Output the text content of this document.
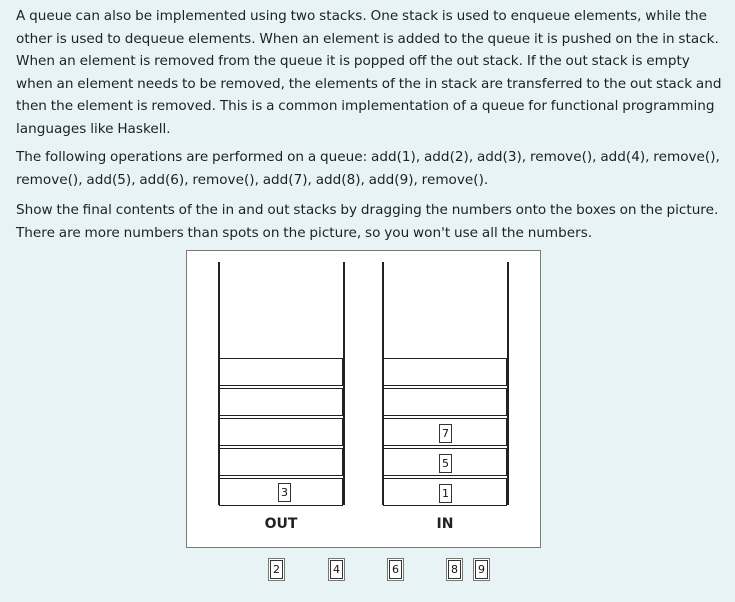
A queue can also be implemented using two stacks. One stack is used to enqueue elements, while the other is used to dequeue elements. When an element is added to the queue it is pushed on the in stack. When an element is removed from the queue it is popped off the out stack. If the out stack is empty when an element needs to be removed, the elements of the in stack are transferred to the out stack and then the element is removed. This is a common implementation of a queue for functional programming languages like Haskell.

The following operations are performed on a queue: add(1), add(2), add(3), remove(), add(4), remove(), remove(), add(5), add(6), remove(), add(7), add(8), add(9), remove().

Show the final contents of the in and out stacks by dragging the numbers onto the boxes on the picture. There are more numbers than spots on the picture, so you won't use all the numbers.

OUT	IN
3
7
5
1
2	4	6	8 9
